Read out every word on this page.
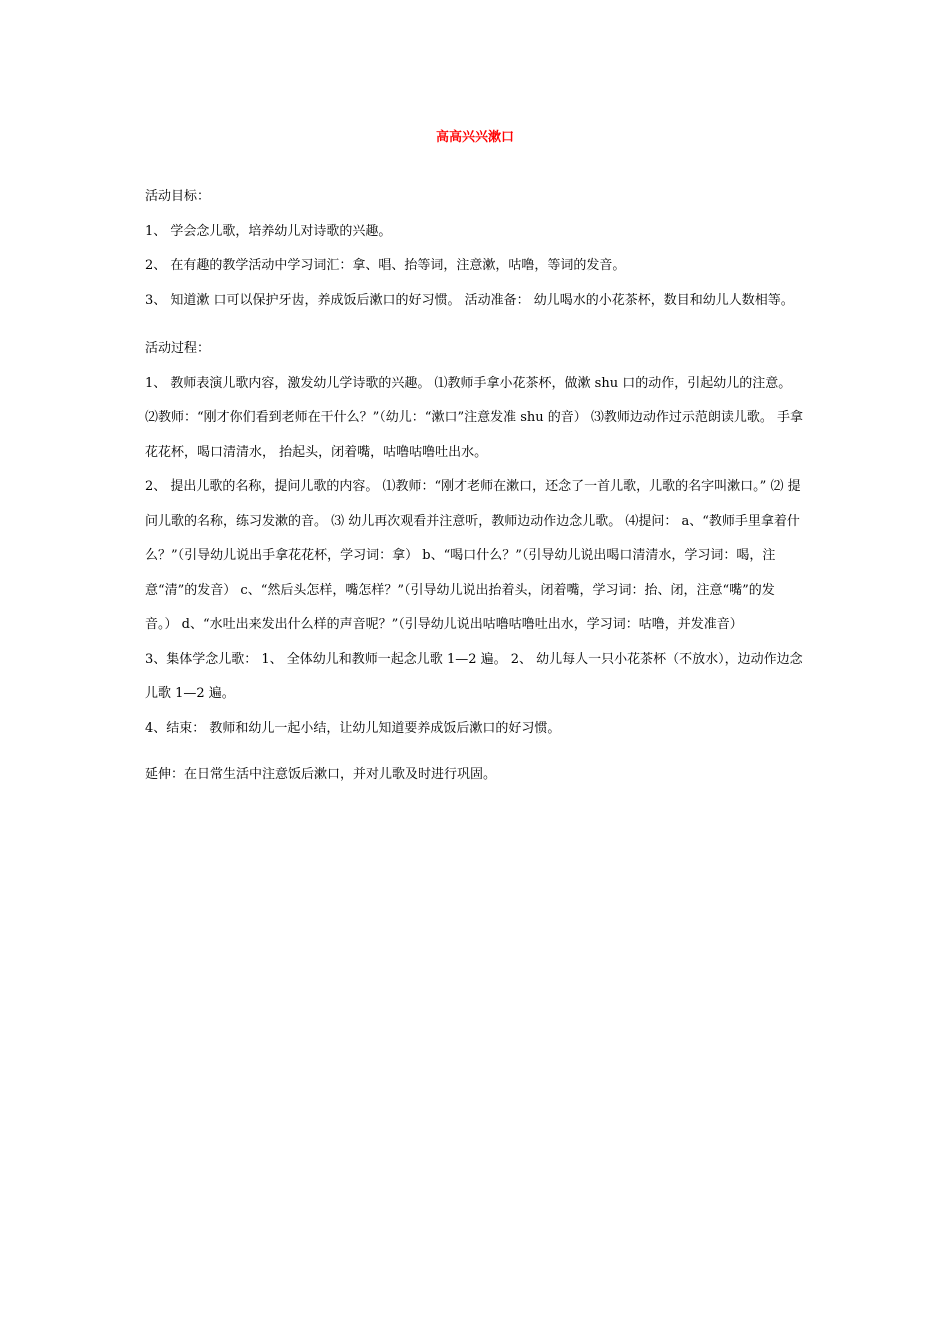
高高兴兴漱口

活动目标：

1、 学会念儿歌，培养幼儿对诗歌的兴趣。

2、 在有趣的教学活动中学习词汇：拿、唱、抬等词，注意漱，咕噜，等词的发音。

3、 知道漱 口可以保护牙齿，养成饭后漱口的好习惯。 活动准备： 幼儿喝水的小花茶杯，数目和幼儿人数相等。

活动过程：

1、 教师表演儿歌内容，激发幼儿学诗歌的兴趣。 ⑴教师手拿小花茶杯，做漱 shu 口的动作，引起幼儿的注意。 ⑵教师：“刚才你们看到老师在干什么？”（幼儿：“漱口”注意发准 shu 的音） ⑶教师边动作过示范朗读儿歌。 手拿花花杯，喝口清清水， 抬起头，闭着嘴，咕噜咕噜吐出水。

2、 提出儿歌的名称，提问儿歌的内容。 ⑴教师：“刚才老师在漱口，还念了一首儿歌，儿歌的名字叫漱口。” ⑵ 提问儿歌的名称，练习发漱的音。 ⑶ 幼儿再次观看并注意听，教师边动作边念儿歌。 ⑷提问： a、“教师手里拿着什么？”（引导幼儿说出手拿花花杯，学习词：拿） b、“喝口什么？”（引导幼儿说出喝口清清水，学习词：喝，注意“清”的发音） c、“然后头怎样，嘴怎样？”（引导幼儿说出抬着头，闭着嘴，学习词：抬、闭，注意“嘴”的发音。） d、“水吐出来发出什么样的声音呢？”（引导幼儿说出咕噜咕噜吐出水，学习词：咕噜，并发准音）

3、集体学念儿歌： 1、 全体幼儿和教师一起念儿歌 1—2 遍。 2、 幼儿每人一只小花茶杯（不放水），边动作边念儿歌 1—2 遍。

4、结束： 教师和幼儿一起小结，让幼儿知道要养成饭后漱口的好习惯。

延伸：在日常生活中注意饭后漱口，并对儿歌及时进行巩固。
